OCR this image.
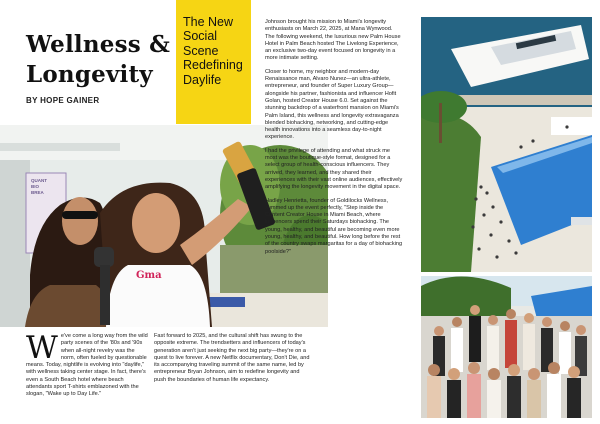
Wellness &
Longevity
BY HOPE GAINER
The New Social Scene Redefining Daylife
QUANT
BIO
BREA
Gma
We've come a long way from the wild party scenes of the '80s and '90s when all-night revelry was the norm, often fueled by questionable means. Today, nightlife is evolving into "daylife," with wellness taking center stage. In fact, there's even a South Beach hotel where beach attendants sport T-shirts emblazoned with the slogan, "Wake up to Day Life."
Fast forward to 2025, and the cultural shift has swung to the opposite extreme. The trendsetters and influencers of today's generation aren't just seeking the next big party—they're on a quest to live forever. A new Netflix documentary, Don't Die, and its accompanying traveling summit of the same name, led by entrepreneur Bryan Johnson, aim to redefine longevity and push the boundaries of human life expectancy.

Johnson brought his mission to Miami's longevity enthusiasts on March 22, 2025, at Mana Wynwood. The following weekend, the luxurious new Palm House Hotel in Palm Beach hosted The Livelong Experience, an exclusive two-day event focused on longevity in a more intimate setting.

Closer to home, my neighbor and modern-day Renaissance man, Alvaro Nunez—an ultra-athlete, entrepreneur, and founder of Super Luxury Group—alongside his partner, fashionista and influencer Hofit Golan, hosted Creator House 6.0. Set against the stunning backdrop of a waterfront mansion on Miami's Palm Island, this wellness and longevity extravaganza blended biohacking, networking, and cutting-edge health innovations into a seamless day-to-night experience.

I had the privilege of attending and what struck me most was the boutique-style format, designed for a select group of health-conscious influencers. They arrived, they learned, and they shared their experiences with their vast online audiences, effectively amplifying the longevity movement in the digital space.

Hadley Henrietta, founder of Goldilocks Wellness, summed up the event perfectly, "Step inside the Content Creator House in Miami Beach, where influencers spend their Saturdays biohacking. The young, healthy, and beautiful are becoming even more young, healthy, and beautiful. How long before the rest of the country swaps margaritas for a day of biohacking poolside?"
